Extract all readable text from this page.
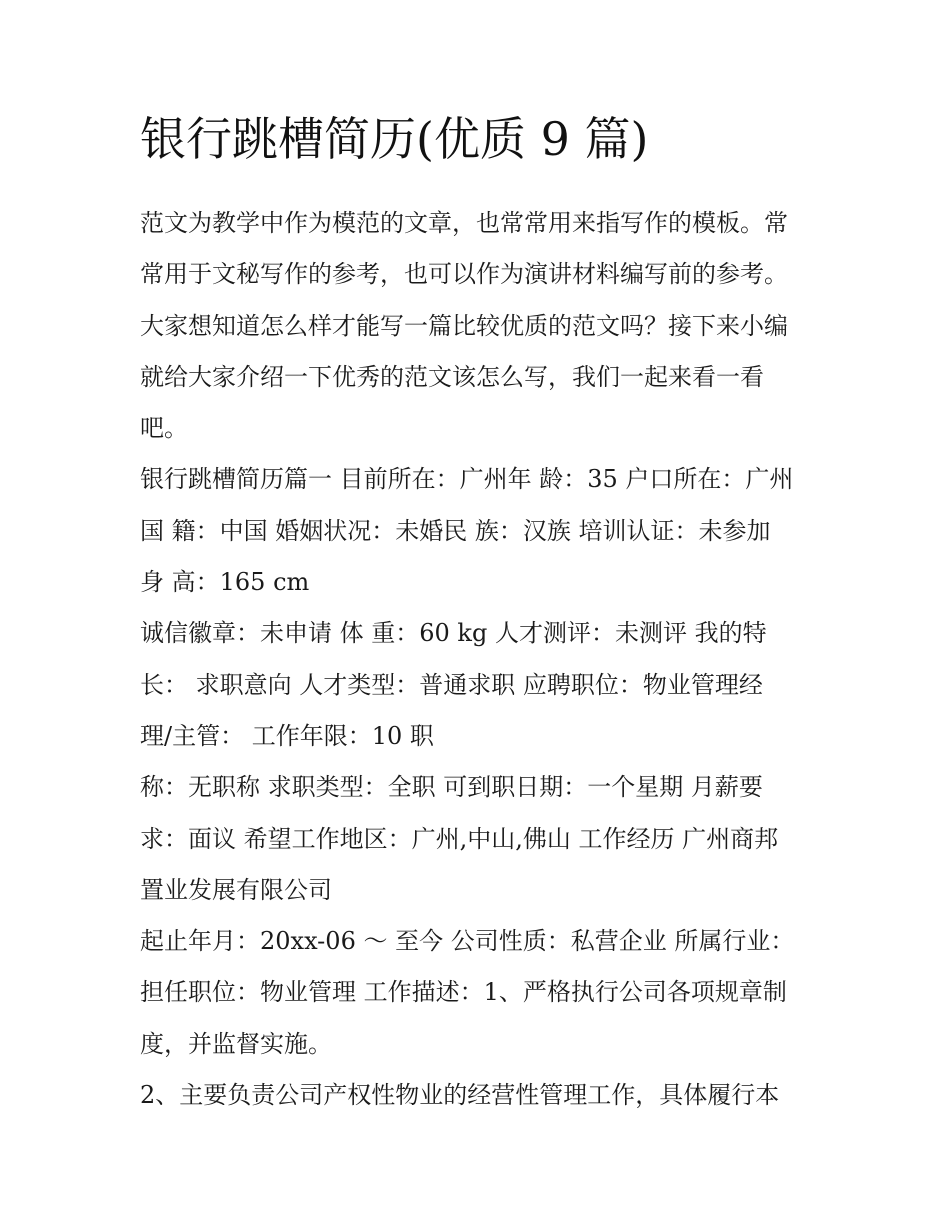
银行跳槽简历(优质 9 篇)
范文为教学中作为模范的文章，也常常用来指写作的模板。常
常用于文秘写作的参考，也可以作为演讲材料编写前的参考。
大家想知道怎么样才能写一篇比较优质的范文吗？接下来小编
就给大家介绍一下优秀的范文该怎么写，我们一起来看一看
吧。
银行跳槽简历篇一 目前所在：广州年 龄：35 户口所在：广州
国 籍：中国 婚姻状况：未婚民 族：汉族 培训认证：未参加
身 高：165 cm
诚信徽章：未申请 体 重：60 kg 人才测评：未测评 我的特
长： 求职意向 人才类型：普通求职 应聘职位：物业管理经
理/主管： 工作年限：10 职
称：无职称 求职类型：全职 可到职日期：一个星期 月薪要
求：面议 希望工作地区：广州,中山,佛山 工作经历 广州商邦
置业发展有限公司
起止年月：20xx-06 ～ 至今 公司性质：私营企业 所属行业：
担任职位：物业管理 工作描述：1、严格执行公司各项规章制
度，并监督实施。
2、主要负责公司产权性物业的经营性管理工作，具体履行本
